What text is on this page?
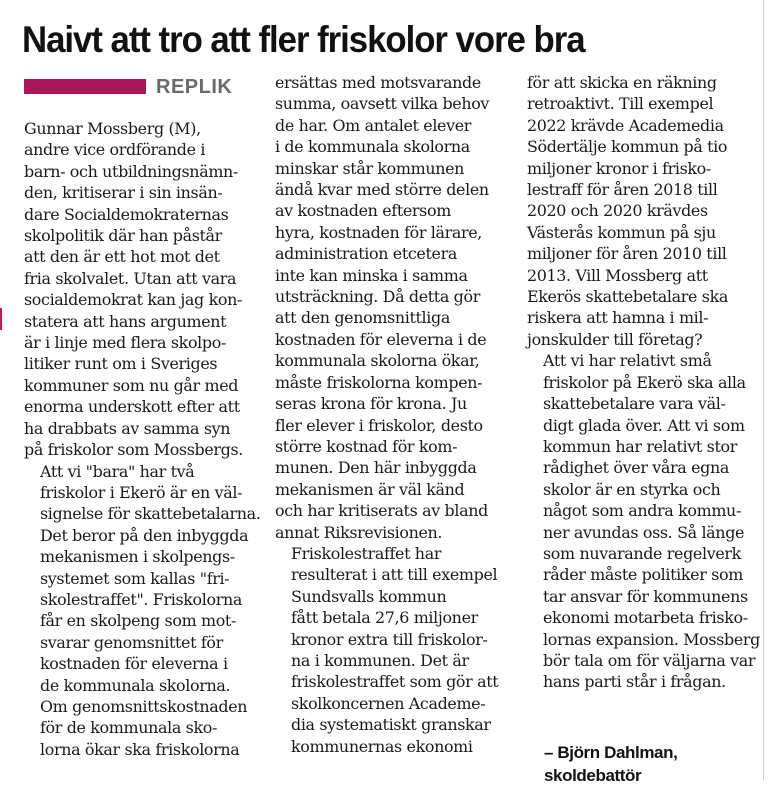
Naivt att tro att fler friskolor vore bra
REPLIK

Gunnar Mossberg (M),
andre vice ordförande i
barn- och utbildningsnämn-
den, kritiserar i sin insän-
dare Socialdemokraternas
skolpolitik där han påstår
att den är ett hot mot det
fria skolvalet. Utan att vara
socialdemokrat kan jag kon-
statera att hans argument
är i linje med flera skolpo-
litiker runt om i Sveriges
kommuner som nu går med
enorma underskott efter att
ha drabbats av samma syn
på friskolor som Mossbergs.

Att vi "bara" har två
friskolor i Ekerö är en väl-
signelse för skattebetalarna.
Det beror på den inbyggda
mekanismen i skolpengs-
systemet som kallas "fri-
skolestraffet". Friskolorna
får en skolpeng som mot-
svarar genomsnittet för
kostnaden för eleverna i
de kommunala skolorna.
Om genomsnittskostnaden
för de kommunala sko-
lorna ökar ska friskolorna

ersättas med motsvarande
summa, oavsett vilka behov
de har. Om antalet elever
i de kommunala skolorna
minskar står kommunen
ändå kvar med större delen
av kostnaden eftersom
hyra, kostnaden för lärare,
administration etcetera
inte kan minska i samma
utsträckning. Då detta gör
att den genomsnittliga
kostnaden för eleverna i de
kommunala skolorna ökar,
måste friskolorna kompen-
seras krona för krona. Ju
fler elever i friskolor, desto
större kostnad för kom-
munen. Den här inbyggda
mekanismen är väl känd
och har kritiserats av bland
annat Riksrevisionen.

Friskolestraffet har
resulterat i att till exempel
Sundsvalls kommun
fått betala 27,6 miljoner
kronor extra till friskolor-
na i kommunen. Det är
friskolestraffet som gör att
skolkoncernen Academe-
dia systematiskt granskar
kommunernas ekonomi

för att skicka en räkning
retroaktivt. Till exempel
2022 krävde Academedia
Södertälje kommun på tio
miljoner kronor i frisko-
lestraff för åren 2018 till
2020 och 2020 krävdes
Västerås kommun på sju
miljoner för åren 2010 till
2013. Vill Mossberg att
Ekerös skattebetalare ska
riskera att hamna i mil-
jonskulder till företag?

Att vi har relativt små
friskolor på Ekerö ska alla
skattebetalare vara väl-
digt glada över. Att vi som
kommun har relativt stor
rådighet över våra egna
skolor är en styrka och
något som andra kommu-
ner avundas oss. Så länge
som nuvarande regelverk
råder måste politiker som
tar ansvar för kommunens
ekonomi motarbeta frisko-
lornas expansion. Mossberg
bör tala om för väljarna var
hans parti står i frågan.

– Björn Dahlman,
skoldebattör
